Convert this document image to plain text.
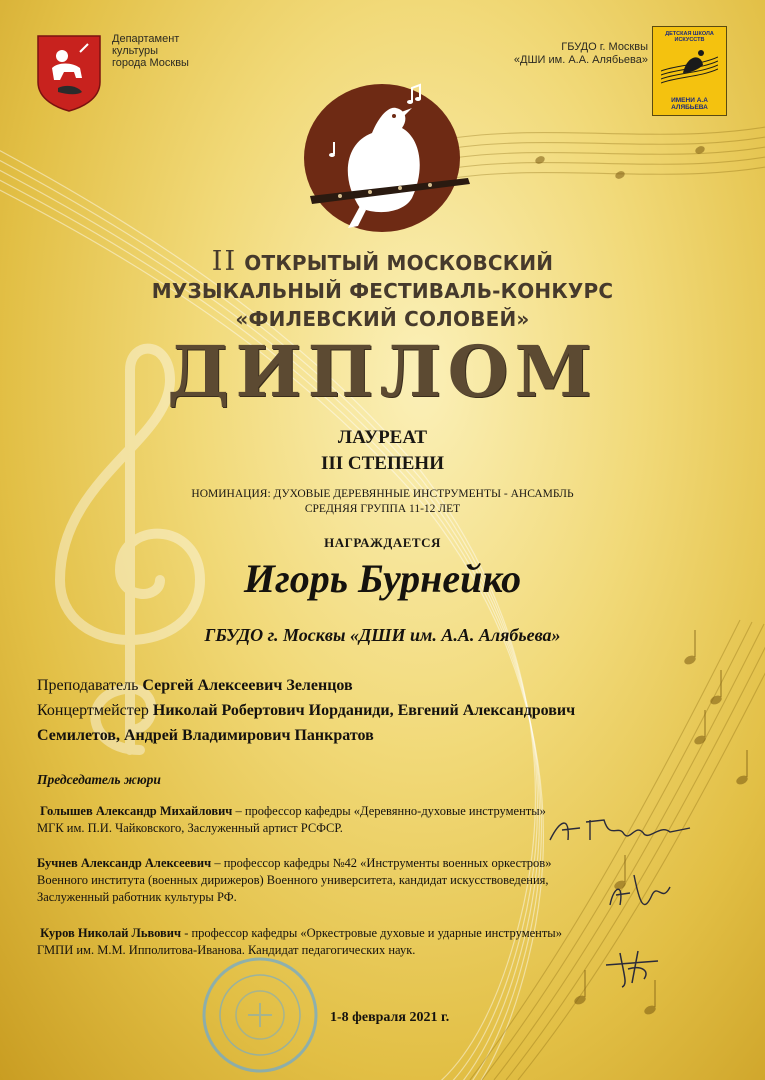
Департамент
культуры
города Москвы
ГБУДО г. Москвы
«ДШИ им. А.А. Алябьева»
ДЕТСКАЯ ШКОЛА ИСКУССТВ
ИМЕНИ А.А АЛЯБЬЕВА
II ОТКРЫТЫЙ МОСКОВСКИЙ
МУЗЫКАЛЬНЫЙ ФЕСТИВАЛЬ-КОНКУРС
«ФИЛЕВСКИЙ СОЛОВЕЙ»
ДИПЛОМ
ЛАУРЕАТ
III СТЕПЕНИ
НОМИНАЦИЯ: ДУХОВЫЕ ДЕРЕВЯННЫЕ ИНСТРУМЕНТЫ - АНСАМБЛЬ
СРЕДНЯЯ ГРУППА 11-12 ЛЕТ
НАГРАЖДАЕТСЯ
Игорь Бурнейко
ГБУДО г. Москвы «ДШИ им. А.А. Алябьева»
Преподаватель Сергей Алексеевич Зеленцов
Концертмейстер Николай Робертович Иорданиди, Евгений Александрович
Семилетов, Андрей Владимирович Панкратов
Председатель жюри
Голышев Александр Михайлович – профессор кафедры «Деревянно-духовые инструменты»
МГК им. П.И. Чайковского, Заслуженный артист РСФСР.
Бучнев Александр Алексеевич – профессор кафедры №42 «Инструменты военных оркестров»
Военного института (военных дирижеров) Военного университета, кандидат искусствоведения,
Заслуженный работник культуры РФ.
Куров Николай Львович - профессор кафедры «Оркестровые духовые и ударные инструменты»
ГМПИ им. М.М. Ипполитова-Иванова. Кандидат педагогических наук.
1-8 февраля 2021 г.
